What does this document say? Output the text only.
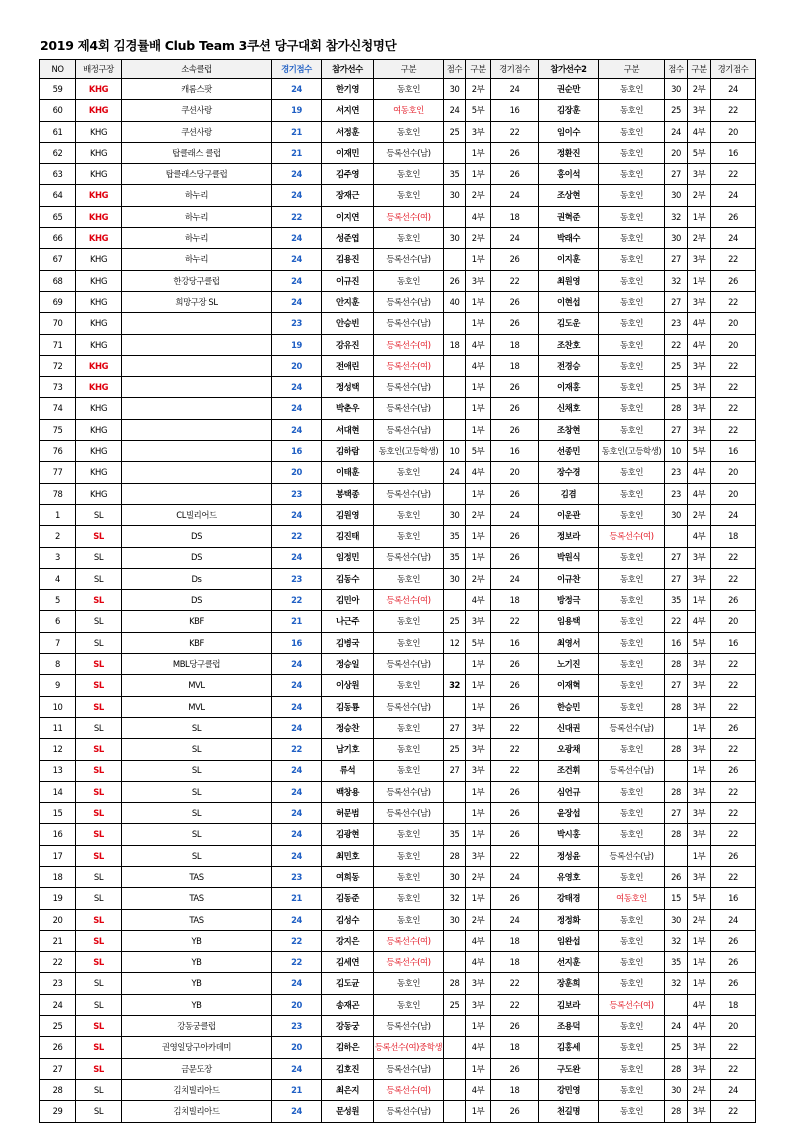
2019 제4회 김경률배 Club Team 3쿠션 당구대회 참가신청명단
NO	배정구장	소속클럽	경기점수	참가선수	구분	점수	구분	경기점수	참가선수2	구분	점수	구분	경기점수
59	KHG	캐롬스팟	24	한기영	동호인	30	2부	24	권순만	동호인	30	2부	24
60	KHG	쿠션사랑	19	서지연	여동호인	24	5부	16	김장훈	동호인	25	3부	22
61	KHG	쿠션사랑	21	서정훈	동호인	25	3부	22	임이수	동호인	24	4부	20
62	KHG	탑클래스 클럽	21	이재민	등록선수(남)		1부	26	정환진	동호인	20	5부	16
63	KHG	탑클래스당구클럽	24	김주영	동호인	35	1부	26	홍이석	동호인	27	3부	22
64	KHG	하누리	24	장재근	동호인	30	2부	24	조상현	동호인	30	2부	24
65	KHG	하누리	22	이지연	등록선수(여)		4부	18	권혁준	동호인	32	1부	26
66	KHG	하누리	24	성준엽	동호인	30	2부	24	박래수	동호인	30	2부	24
67	KHG	하누리	24	김용진	등록선수(남)		1부	26	이지훈	동호인	27	3부	22
68	KHG	한강당구클럽	24	이규진	동호인	26	3부	22	최원영	동호인	32	1부	26
69	KHG	희망구장 SL	24	안지훈	등록선수(남)	40	1부	26	이현섭	동호인	27	3부	22
70	KHG		23	안승빈	등록선수(남)		1부	26	김도운	동호인	23	4부	20
71	KHG		19	강유진	등록선수(여)	18	4부	18	조찬호	동호인	22	4부	20
72	KHG		20	전애린	등록선수(여)		4부	18	전경승	동호인	25	3부	22
73	KHG		24	정성택	등록선수(남)		1부	26	이재홍	동호인	25	3부	22
74	KHG		24	박춘우	등록선수(남)		1부	26	신채호	동호인	28	3부	22
75	KHG		24	서대현	등록선수(남)		1부	26	조창현	동호인	27	3부	22
76	KHG		16	김하람	동호인(고등학생)	10	5부	16	선종민	동호인(고등학생)	10	5부	16
77	KHG		20	이태훈	동호인	24	4부	20	장수경	동호인	23	4부	20
78	KHG		23	봉택종	등록선수(남)		1부	26	김겸	동호인	23	4부	20
1	SL	CL빌리어드	24	김원영	동호인	30	2부	24	이운관	동호인	30	2부	24
2	SL	DS	22	김진태	동호인	35	1부	26	정보라	등록선수(여)		4부	18
3	SL	DS	24	임정민	등록선수(남)	35	1부	26	박원식	동호인	27	3부	22
4	SL	Ds	23	김동수	동호인	30	2부	24	이규찬	동호인	27	3부	22
5	SL	DS	22	김민아	등록선수(여)		4부	18	방정극	동호인	35	1부	26
6	SL	KBF	21	나근주	동호인	25	3부	22	임용택	동호인	22	4부	20
7	SL	KBF	16	김병국	동호인	12	5부	16	최영서	동호인	16	5부	16
8	SL	MBL당구클럽	24	정승일	등록선수(남)		1부	26	노기진	동호인	28	3부	22
9	SL	MVL	24	이상원	동호인	32	1부	26	이재혁	동호인	27	3부	22
10	SL	MVL	24	김동룡	등록선수(남)		1부	26	한승민	동호인	28	3부	22
11	SL	SL	24	정승찬	동호인	27	3부	22	신대권	등록선수(남)		1부	26
12	SL	SL	22	남기호	동호인	25	3부	22	오광채	동호인	28	3부	22
13	SL	SL	24	류석	동호인	27	3부	22	조건휘	등록선수(남)		1부	26
14	SL	SL	24	백창용	등록선수(남)		1부	26	심언규	동호인	28	3부	22
15	SL	SL	24	허문범	등록선수(남)		1부	26	윤장섭	동호인	27	3부	22
16	SL	SL	24	김광현	동호인	35	1부	26	박시홍	동호인	28	3부	22
17	SL	SL	24	최민호	동호인	28	3부	22	정성윤	등록선수(남)		1부	26
18	SL	TAS	23	여희동	동호인	30	2부	24	유영호	동호인	26	3부	22
19	SL	TAS	21	김동준	동호인	32	1부	26	강태경	여동호인	15	5부	16
20	SL	TAS	24	김성수	동호인	30	2부	24	정정화	동호인	30	2부	24
21	SL	YB	22	강지은	등록선수(여)		4부	18	임완섭	동호인	32	1부	26
22	SL	YB	22	김세연	등록선수(여)		4부	18	선지훈	동호인	35	1부	26
23	SL	YB	24	김도균	동호인	28	3부	22	장훈희	동호인	32	1부	26
24	SL	YB	20	송재곤	동호인	25	3부	22	김보라	등록선수(여)		4부	18
25	SL	강동궁클럽	23	강동궁	등록선수(남)		1부	26	조용덕	동호인	24	4부	20
26	SL	권영일당구아카데미	20	김하은	등록선수(여)중학생		4부	18	김홍세	동호인	25	3부	22
27	SL	금문도장	24	김호진	등록선수(남)		1부	26	구도완	동호인	28	3부	22
28	SL	김치빌리아드	21	최은지	등록선수(여)		4부	18	강민영	동호인	30	2부	24
29	SL	김치빌리아드	24	문성원	등록선수(남)		1부	26	천길명	동호인	28	3부	22
